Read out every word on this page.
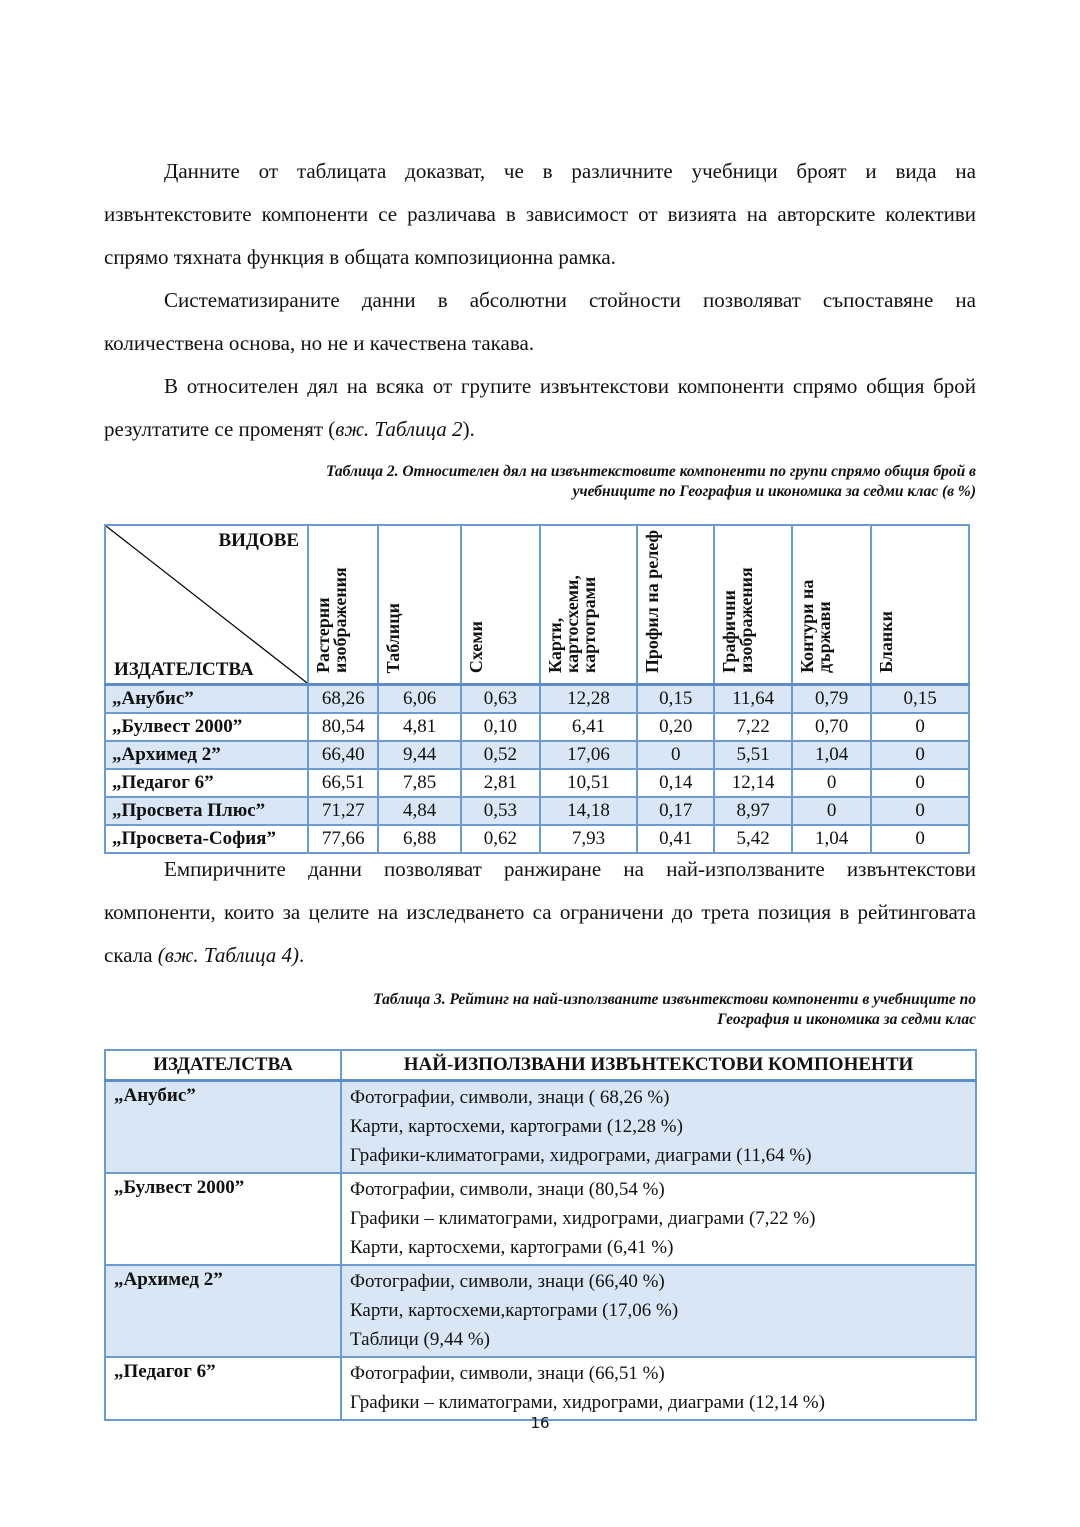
Данните от таблицата доказват, че в различните учебници броят и вида на извънтекстовите компоненти се различава в зависимост от визията на авторските колективи спрямо тяхната функция в общата композиционна рамка.

Систематизираните данни в абсолютни стойности позволяват съпоставяне на количествена основа, но не и качествена такава.

В относителен дял на всяка от групите извънтекстови компоненти спрямо общия брой резултатите се променят (вж. Таблица 2).

Таблица 2. Относителен дял на извънтекстовите компоненти по групи спрямо общия брой в
учебниците по География и икономика за седми клас (в %)

ВИДОВЕ
ИЗДАТЕЛСТВА	Растерни изображения	Таблици	Схеми	Карти, картосхеми, картограми	Профил на релеф	Графични изображения	Контури на държави	Бланки
„Анубис”	68,26	6,06	0,63	12,28	0,15	11,64	0,79	0,15
„Булвест 2000”	80,54	4,81	0,10	6,41	0,20	7,22	0,70	0
„Архимед 2”	66,40	9,44	0,52	17,06	0	5,51	1,04	0
„Педагог 6”	66,51	7,85	2,81	10,51	0,14	12,14	0	0
„Просвета Плюс”	71,27	4,84	0,53	14,18	0,17	8,97	0	0
„Просвета-София”	77,66	6,88	0,62	7,93	0,41	5,42	1,04	0

Емпиричните данни позволяват ранжиране на най-използваните извънтекстови компоненти, които за целите на изследването са ограничени до трета позиция в рейтинговата скала (вж. Таблица 4).

Таблица 3. Рейтинг на най-използваните извънтекстови компоненти в учебниците по
География и икономика за седми клас

ИЗДАТЕЛСТВА	НАЙ-ИЗПОЛЗВАНИ ИЗВЪНТЕКСТОВИ КОМПОНЕНТИ
„Анубис”	Фотографии, символи, знаци ( 68,26 %)
Карти, картосхеми, картограми (12,28 %)
Графики-климатограми, хидрограми, диаграми (11,64 %)

„Булвест 2000”	Фотографии, символи, знаци (80,54 %)
Графики – климатограми, хидрограми, диаграми (7,22 %)
Карти, картосхеми, картограми (6,41 %)

„Архимед 2”	Фотографии, символи, знаци (66,40 %)
Карти, картосхеми,картограми (17,06 %)
Таблици (9,44 %)

„Педагог 6”	Фотографии, символи, знаци (66,51 %)
Графики – климатограми, хидрограми, диаграми (12,14 %)
16
